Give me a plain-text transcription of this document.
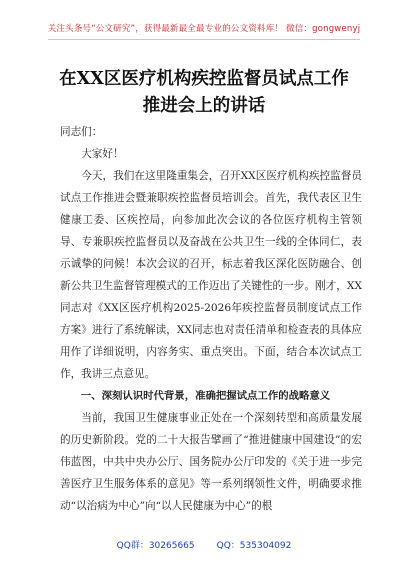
关注头条号“公文研究”，获得最新最全最专业的公文资料库！ 微信：gongwenyj
在XX区医疗机构疾控监督员试点工作推进会上的讲话

同志们：

大家好！

今天，我们在这里隆重集会，召开XX区医疗机构疾控监督员试点工作推进会暨兼职疾控监督员培训会。首先，我代表区卫生健康工委、区疾控局，向参加此次会议的各位医疗机构主管领导、专兼职疾控监督员以及奋战在公共卫生一线的全体同仁，表示诚挚的问候！本次会议的召开，标志着我区深化医防融合、创新公共卫生监督管理模式的工作迈出了关键性的一步。刚才，XX同志对《XX区医疗机构2025-2026年疾控监督员制度试点工作方案》进行了系统解读，XX同志也对责任清单和检查表的具体应用作了详细说明，内容务实、重点突出。下面，结合本次试点工作，我讲三点意见。

一、深刻认识时代背景，准确把握试点工作的战略意义

当前，我国卫生健康事业正处在一个深刻转型和高质量发展的历史新阶段。党的二十大报告擘画了“推进健康中国建设”的宏伟蓝图，中共中央办公厅、国务院办公厅印发的《关于进一步完善医疗卫生服务体系的意见》等一系列纲领性文件，明确要求推动“以治病为中心”向“以人民健康为中心”的根

QQ群：30265665 QQ：535304092
